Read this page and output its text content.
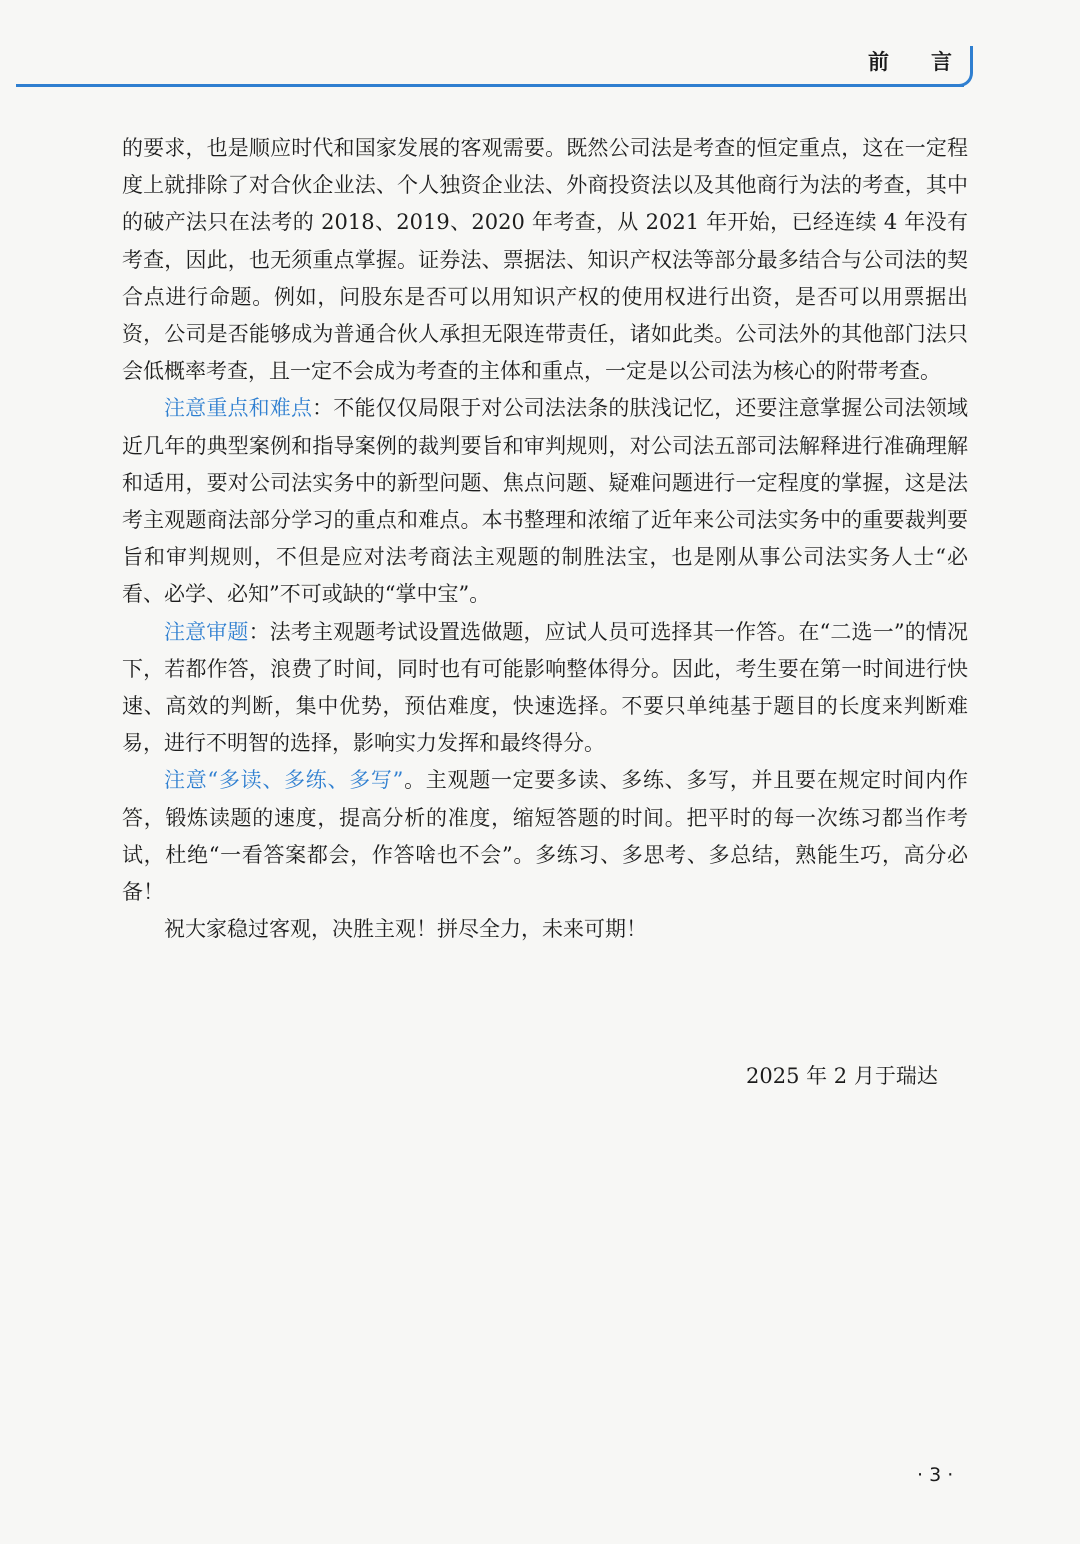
前 言

的要求，也是顺应时代和国家发展的客观需要。既然公司法是考查的恒定重点，这在一定程度上就排除了对合伙企业法、个人独资企业法、外商投资法以及其他商行为法的考查，其中的破产法只在法考的 2018、2019、2020 年考查，从 2021 年开始，已经连续 4 年没有考查，因此，也无须重点掌握。证券法、票据法、知识产权法等部分最多结合与公司法的契合点进行命题。例如，问股东是否可以用知识产权的使用权进行出资，是否可以用票据出资，公司是否能够成为普通合伙人承担无限连带责任，诸如此类。公司法外的其他部门法只会低概率考查，且一定不会成为考查的主体和重点，一定是以公司法为核心的附带考查。

注意重点和难点：不能仅仅局限于对公司法法条的肤浅记忆，还要注意掌握公司法领域近几年的典型案例和指导案例的裁判要旨和审判规则，对公司法五部司法解释进行准确理解和适用，要对公司法实务中的新型问题、焦点问题、疑难问题进行一定程度的掌握，这是法考主观题商法部分学习的重点和难点。本书整理和浓缩了近年来公司法实务中的重要裁判要旨和审判规则，不但是应对法考商法主观题的制胜法宝，也是刚从事公司法实务人士“必看、必学、必知”不可或缺的“掌中宝”。

注意审题：法考主观题考试设置选做题，应试人员可选择其一作答。在“二选一”的情况下，若都作答，浪费了时间，同时也有可能影响整体得分。因此，考生要在第一时间进行快速、高效的判断，集中优势，预估难度，快速选择。不要只单纯基于题目的长度来判断难易，进行不明智的选择，影响实力发挥和最终得分。

注意“多读、多练、多写”。主观题一定要多读、多练、多写，并且要在规定时间内作答，锻炼读题的速度，提高分析的准度，缩短答题的时间。把平时的每一次练习都当作考试，杜绝“一看答案都会，作答啥也不会”。多练习、多思考、多总结，熟能生巧，高分必备！

祝大家稳过客观，决胜主观！拼尽全力，未来可期！

2025 年 2 月于瑞达
· 3 ·
